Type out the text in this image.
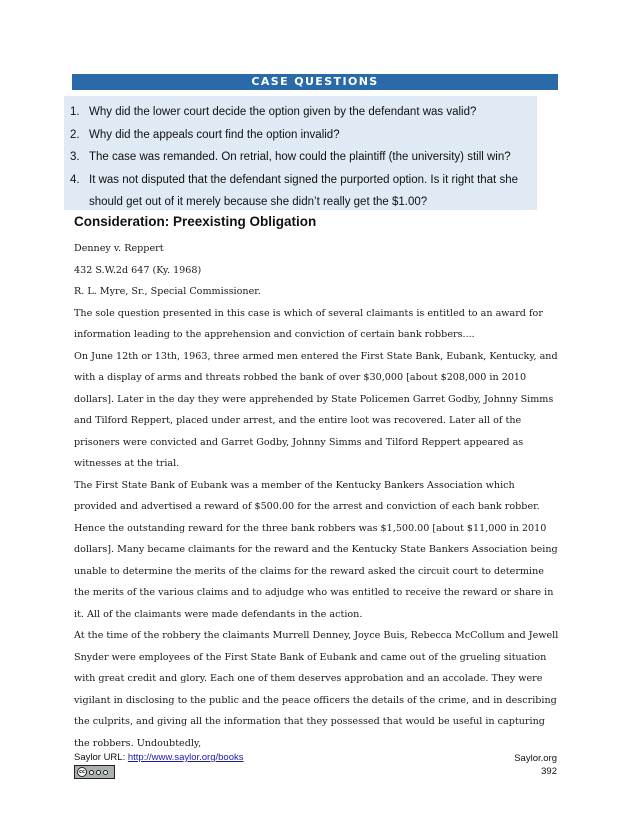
CASE QUESTIONS
1. Why did the lower court decide the option given by the defendant was valid?
2. Why did the appeals court find the option invalid?
3. The case was remanded. On retrial, how could the plaintiff (the university) still win?
4. It was not disputed that the defendant signed the purported option. Is it right that she should get out of it merely because she didn’t really get the $1.00?
Consideration: Preexisting Obligation

Denney v. Reppert

432 S.W.2d 647 (Ky. 1968)

R. L. Myre, Sr., Special Commissioner.

The sole question presented in this case is which of several claimants is entitled to an award for information leading to the apprehension and conviction of certain bank robbers....

On June 12th or 13th, 1963, three armed men entered the First State Bank, Eubank, Kentucky, and with a display of arms and threats robbed the bank of over $30,000 [about $208,000 in 2010 dollars]. Later in the day they were apprehended by State Policemen Garret Godby, Johnny Simms and Tilford Reppert, placed under arrest, and the entire loot was recovered. Later all of the prisoners were convicted and Garret Godby, Johnny Simms and Tilford Reppert appeared as witnesses at the trial.

The First State Bank of Eubank was a member of the Kentucky Bankers Association which provided and advertised a reward of $500.00 for the arrest and conviction of each bank robber. Hence the outstanding reward for the three bank robbers was $1,500.00 [about $11,000 in 2010 dollars]. Many became claimants for the reward and the Kentucky State Bankers Association being unable to determine the merits of the claims for the reward asked the circuit court to determine the merits of the various claims and to adjudge who was entitled to receive the reward or share in it. All of the claimants were made defendants in the action.

At the time of the robbery the claimants Murrell Denney, Joyce Buis, Rebecca McCollum and Jewell Snyder were employees of the First State Bank of Eubank and came out of the grueling situation with great credit and glory. Each one of them deserves approbation and an accolade. They were vigilant in disclosing to the public and the peace officers the details of the crime, and in describing the culprits, and giving all the information that they possessed that would be useful in capturing the robbers. Undoubtedly,

Saylor URL: http://www.saylor.org/books
cc
Saylor.org
392
